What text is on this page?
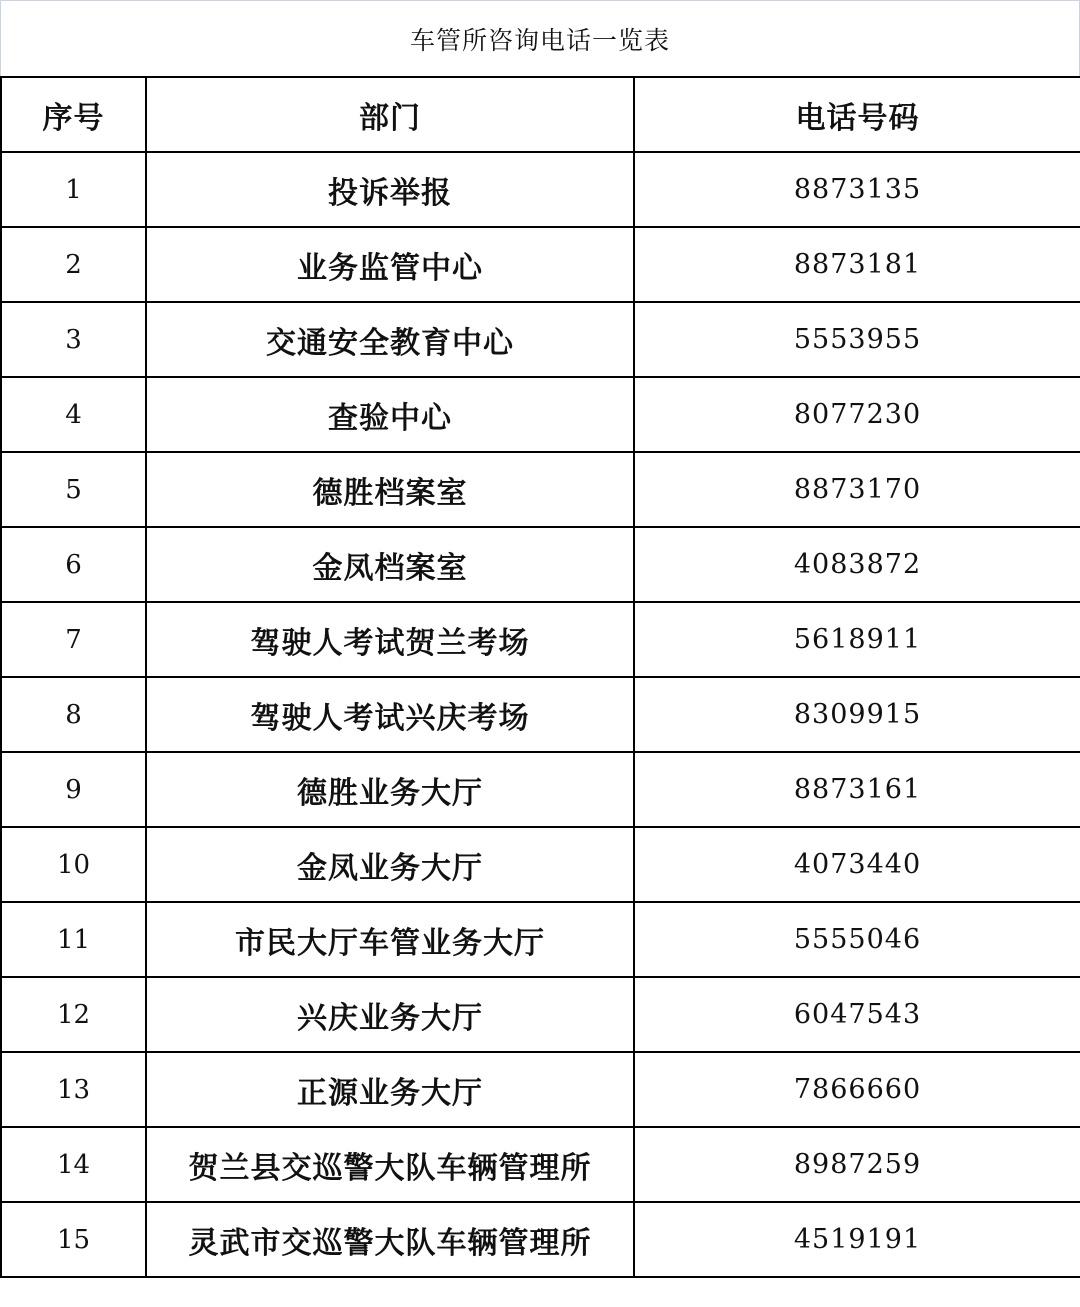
车管所咨询电话一览表
序号	部门	电话号码
1	投诉举报	8873135
2	业务监管中心	8873181
3	交通安全教育中心	5553955
4	查验中心	8077230
5	德胜档案室	8873170
6	金凤档案室	4083872
7	驾驶人考试贺兰考场	5618911
8	驾驶人考试兴庆考场	8309915
9	德胜业务大厅	8873161
10	金凤业务大厅	4073440
11	市民大厅车管业务大厅	5555046
12	兴庆业务大厅	6047543
13	正源业务大厅	7866660
14	贺兰县交巡警大队车辆管理所	8987259
15	灵武市交巡警大队车辆管理所	4519191
